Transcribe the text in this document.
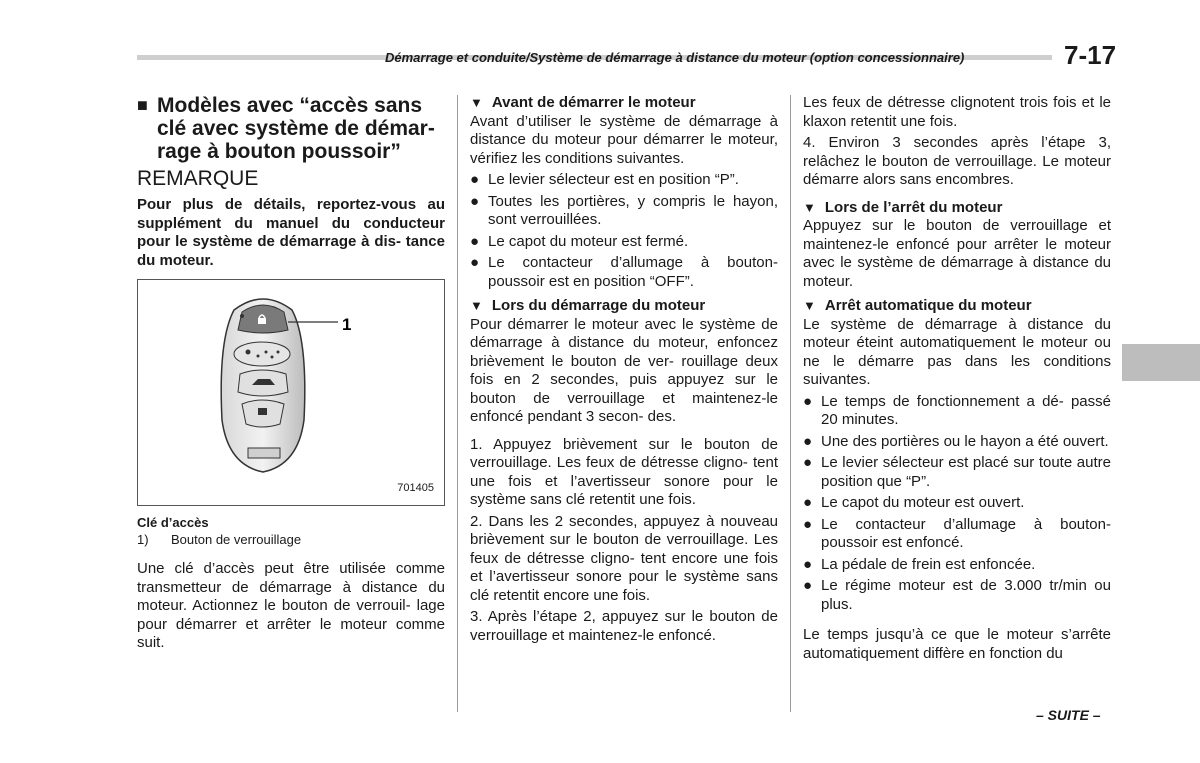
Démarrage et conduite/Système de démarrage à distance du moteur (option concessionnaire)	7-17
■ Modèles avec “accès sans clé avec système de démar- rage à bouton poussoir”
REMARQUE

Pour plus de détails, reportez-vous au supplément du manuel du conducteur pour le système de démarrage à dis- tance du moteur.

1
701405
Clé d’accès
1) Bouton de verrouillage

Une clé d’accès peut être utilisée comme transmetteur de démarrage à distance du moteur. Actionnez le bouton de verrouil- lage pour démarrer et arrêter le moteur comme suit.

▼ Avant de démarrer le moteur

Avant d’utiliser le système de démarrage à distance du moteur pour démarrer le moteur, vérifiez les conditions suivantes.

● Le levier sélecteur est en position “P”.
● Toutes les portières, y compris le hayon, sont verrouillées.
● Le capot du moteur est fermé.
● Le contacteur d’allumage à bouton- poussoir est en position “OFF”.
▼ Lors du démarrage du moteur

Pour démarrer le moteur avec le système de démarrage à distance du moteur, enfoncez brièvement le bouton de ver- rouillage deux fois en 2 secondes, puis appuyez sur le bouton de verrouillage et maintenez-le enfoncé pendant 3 secon- des.

1. Appuyez brièvement sur le bouton de verrouillage. Les feux de détresse cligno- tent une fois et l’avertisseur sonore pour le système sans clé retentit une fois.

2. Dans les 2 secondes, appuyez à nouveau brièvement sur le bouton de verrouillage. Les feux de détresse cligno- tent encore une fois et l’avertisseur sonore pour le système sans clé retentit encore une fois.

3. Après l’étape 2, appuyez sur le bouton de verrouillage et maintenez-le enfoncé.

Les feux de détresse clignotent trois fois et le klaxon retentit une fois.

4. Environ 3 secondes après l’étape 3, relâchez le bouton de verrouillage. Le moteur démarre alors sans encombres.

▼ Lors de l’arrêt du moteur

Appuyez sur le bouton de verrouillage et maintenez-le enfoncé pour arrêter le moteur avec le système de démarrage à distance du moteur.

▼ Arrêt automatique du moteur

Le système de démarrage à distance du moteur éteint automatiquement le moteur ou ne le démarre pas dans les conditions suivantes.

● Le temps de fonctionnement a dé- passé 20 minutes.
● Une des portières ou le hayon a été ouvert.
● Le levier sélecteur est placé sur toute autre position que “P”.
● Le capot du moteur est ouvert.
● Le contacteur d’allumage à bouton- poussoir est enfoncé.
● La pédale de frein est enfoncée.
● Le régime moteur est de 3.000 tr/min ou plus.

Le temps jusqu’à ce que le moteur s’arrête automatiquement diffère en fonction du

– SUITE –
